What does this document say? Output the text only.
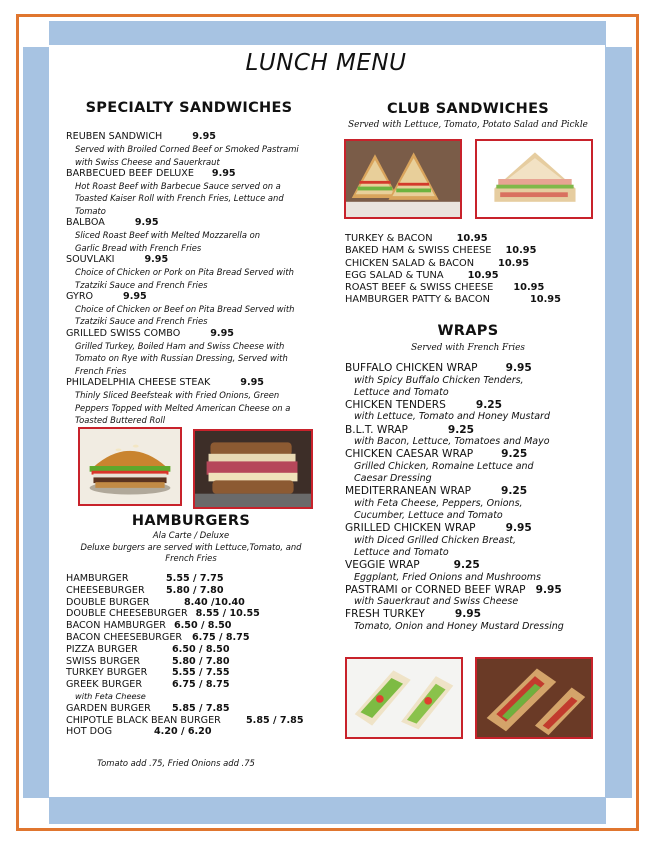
LUNCH MENU
SPECIALTY SANDWICHES
REUBEN SANDWICH	9.95
Served with Broiled Corned Beef or Smoked Pastrami
with Swiss Cheese and Sauerkraut
BARBECUED BEEF DELUXE 9.95
Hot Roast Beef with Barbecue Sauce served on a
Toasted Kaiser Roll with French Fries, Lettuce and
Tomato
BALBOA	9.95
Sliced Roast Beef with Melted Mozzarella on
Garlic Bread with French Fries
SOUVLAKI	9.95
Choice of Chicken or Pork on Pita Bread Served with
Tzatziki Sauce and French Fries
GYRO	9.95
Choice of Chicken or Beef on Pita Bread Served with
Tzatziki Sauce and French Fries
GRILLED SWISS COMBO	9.95
Grilled Turkey, Boiled Ham and Swiss Cheese with
Tomato on Rye with Russian Dressing, Served with
French Fries
PHILADELPHIA CHEESE STEAK	9.95
Thinly Sliced Beefsteak with Fried Onions, Green
Peppers Topped with Melted American Cheese on a
Toasted Buttered Roll
HAMBURGERS
Ala Carte / Deluxe
Deluxe burgers are served with Lettuce,Tomato, and
French Fries
HAMBURGER	5.55 / 7.75
CHEESEBURGER 5.80 / 7.80
DOUBLE BURGER	8.40 /10.40
DOUBLE CHEESEBURGER 8.55 / 10.55
BACON HAMBURGER 6.50 / 8.50
BACON CHEESEBURGER 6.75 / 8.75
PIZZA BURGER	6.50 / 8.50
SWISS BURGER	5.80 / 7.80
TURKEY BURGER	5.55 / 7.55
GREEK BURGER	6.75 / 8.75
with Feta Cheese
GARDEN BURGER 5.85 / 7.85
CHIPOTLE BLACK BEAN BURGER	5.85 / 7.85
HOT DOG	4.20 / 6.20
Tomato add .75, Fried Onions add .75
CLUB SANDWICHES
Served with Lettuce, Tomato, Potato Salad and Pickle
TURKEY & BACON 10.95
BAKED HAM & SWISS CHEESE 10.95
CHICKEN SALAD & BACON 10.95
EGG SALAD & TUNA 10.95
ROAST BEEF & SWISS CHEESE 10.95
HAMBURGER PATTY & BACON	10.95
WRAPS
Served with French Fries
BUFFALO CHICKEN WRAP	9.95
with Spicy Buffalo Chicken Tenders,
Lettuce and Tomato
CHICKEN TENDERS	9.25
with Lettuce, Tomato and Honey Mustard
B.L.T. WRAP	9.25
with Bacon, Lettuce, Tomatoes and Mayo
CHICKEN CAESAR WRAP	9.25
Grilled Chicken, Romaine Lettuce and
Caesar Dressing
MEDITERRANEAN WRAP	9.25
with Feta Cheese, Peppers, Onions,
Cucumber, Lettuce and Tomato
GRILLED CHICKEN WRAP	9.95
with Diced Grilled Chicken Breast,
Lettuce and Tomato
VEGGIE WRAP	9.25
Eggplant, Fried Onions and Mushrooms
PASTRAMI or CORNED BEEF WRAP 9.95
with Sauerkraut and Swiss Cheese
FRESH TURKEY	9.95
Tomato, Onion and Honey Mustard Dressing
